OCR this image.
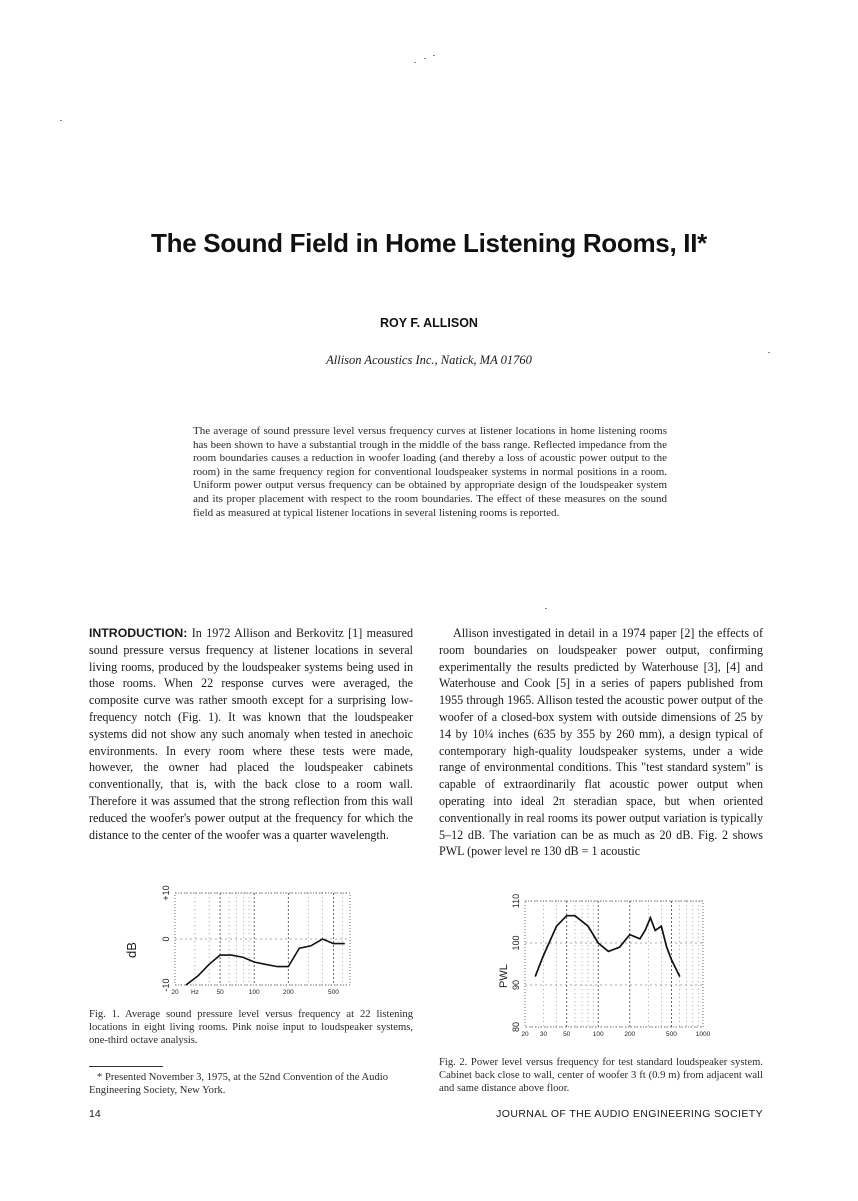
The Sound Field in Home Listening Rooms, II*
ROY F. ALLISON
Allison Acoustics Inc., Natick, MA 01760
The average of sound pressure level versus frequency curves at listener locations in home listening rooms has been shown to have a substantial trough in the middle of the bass range. Reflected impedance from the room boundaries causes a reduction in woofer loading (and thereby a loss of acoustic power output to the room) in the same frequency region for conventional loudspeaker systems in normal positions in a room. Uniform power output versus frequency can be obtained by appropriate design of the loudspeaker system and its proper placement with respect to the room boundaries. The effect of these measures on the sound field as measured at typical listener locations in several listening rooms is reported.
INTRODUCTION: In 1972 Allison and Berkovitz [1] measured sound pressure versus frequency at listener locations in several living rooms, produced by the loudspeaker systems being used in those rooms. When 22 response curves were averaged, the composite curve was rather smooth except for a surprising low-frequency notch (Fig. 1). It was known that the loudspeaker systems did not show any such anomaly when tested in anechoic environments. In every room where these tests were made, however, the owner had placed the loudspeaker cabinets conventionally, that is, with the back close to a room wall. Therefore it was assumed that the strong reflection from this wall reduced the woofer's power output at the frequency for which the distance to the center of the woofer was a quarter wavelength.
Allison investigated in detail in a 1974 paper [2] the effects of room boundaries on loudspeaker power output, confirming experimentally the results predicted by Waterhouse [3], [4] and Waterhouse and Cook [5] in a series of papers published from 1955 through 1965. Allison tested the acoustic power output of the woofer of a closed-box system with outside dimensions of 25 by 14 by 10¼ inches (635 by 355 by 260 mm), a design typical of contemporary high-quality loudspeaker systems, under a wide range of environmental conditions. This "test standard system" is capable of extraordinarily flat acoustic power output when operating into ideal 2π steradian space, but when oriented conventionally in real rooms its power output variation is typically 5–12 dB. The variation can be as much as 20 dB. Fig. 2 shows PWL (power level re 130 dB = 1 acoustic
+10
0
-10
20 Hz	50	100	200	500
dB
Fig. 1. Average sound pressure level versus frequency at 22 listening locations in eight living rooms. Pink noise input to loudspeaker systems, one-third octave analysis.
110
100
90
80
20 30 50	100	200	500	1000
PWL
Fig. 2. Power level versus frequency for test standard loudspeaker system. Cabinet back close to wall, center of woofer 3 ft (0.9 m) from adjacent wall and same distance above floor.
* Presented November 3, 1975, at the 52nd Convention of the Audio Engineering Society, New York.
14	JOURNAL OF THE AUDIO ENGINEERING SOCIETY
